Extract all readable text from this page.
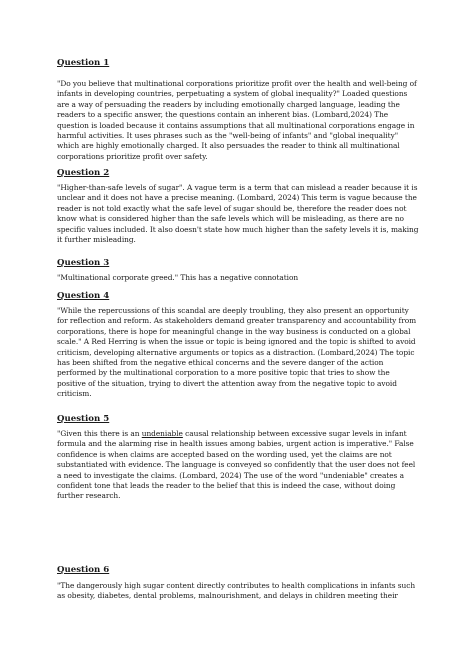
Question 1

"Do you believe that multinational corporations prioritize profit over the health and well-being of infants in developing countries, perpetuating a system of global inequality?" Loaded questions are a way of persuading the readers by including emotionally charged language, leading the readers to a specific answer, the questions contain an inherent bias. (Lombard,2024) The question is loaded because it contains assumptions that all multinational corporations engage in harmful activities. It uses phrases such as the "well-being of infants" and "global inequality" which are highly emotionally charged. It also persuades the reader to think all multinational corporations prioritize profit over safety.

Question 2

"Higher-than-safe levels of sugar". A vague term is a term that can mislead a reader because it is unclear and it does not have a precise meaning. (Lombard, 2024) This term is vague because the reader is not told exactly what the safe level of sugar should be, therefore the reader does not know what is considered higher than the safe levels which will be misleading, as there are no specific values included. It also doesn't state how much higher than the safety levels it is, making it further misleading.

Question 3

"Multinational corporate greed." This has a negative connotation

Question 4

"While the repercussions of this scandal are deeply troubling, they also present an opportunity for reflection and reform. As stakeholders demand greater transparency and accountability from corporations, there is hope for meaningful change in the way business is conducted on a global scale." A Red Herring is when the issue or topic is being ignored and the topic is shifted to avoid criticism, developing alternative arguments or topics as a distraction. (Lombard,2024) The topic has been shifted from the negative ethical concerns and the severe danger of the action performed by the multinational corporation to a more positive topic that tries to show the positive of the situation, trying to divert the attention away from the negative topic to avoid criticism.

Question 5

"Given this there is an undeniable causal relationship between excessive sugar levels in infant formula and the alarming rise in health issues among babies, urgent action is imperative." False confidence is when claims are accepted based on the wording used, yet the claims are not substantiated with evidence. The language is conveyed so confidently that the user does not feel a need to investigate the claims. (Lombard, 2024) The use of the word "undeniable" creates a confident tone that leads the reader to the belief that this is indeed the case, without doing further research.

Question 6

"The dangerously high sugar content directly contributes to health complications in infants such as obesity, diabetes, dental problems, malnourishment, and delays in children meeting their
